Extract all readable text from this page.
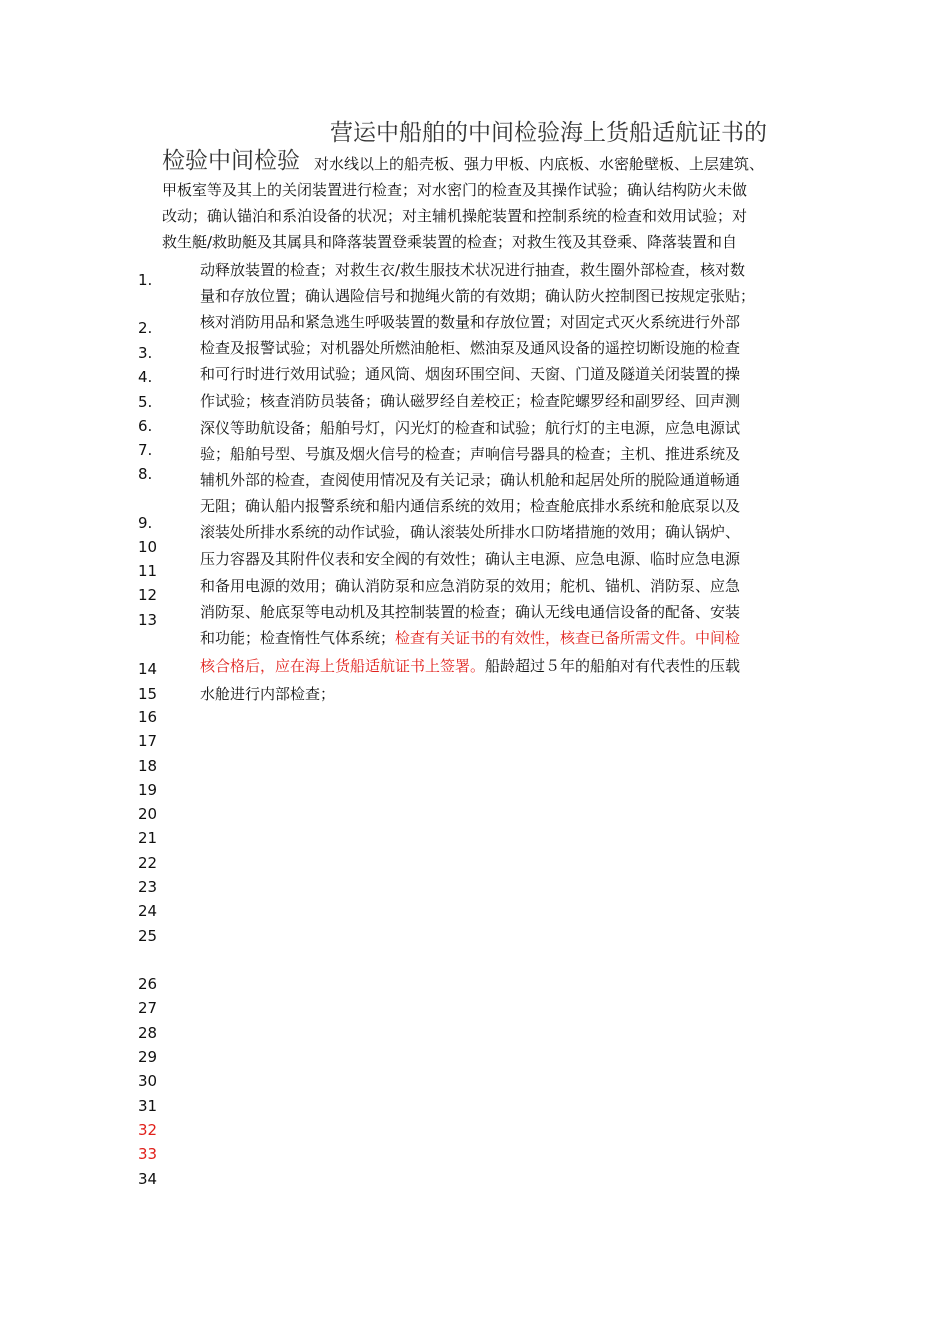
营运中船舶的中间检验海上货船适航证书的
检验中间检验 对水线以上的船壳板、强力甲板、内底板、水密舱壁板、上层建筑、
甲板室等及其上的关闭装置进行检查；对水密门的检查及其操作试验；确认结构防火未做
改动；确认锚泊和系泊设备的状况；对主辅机操舵装置和控制系统的检查和效用试验；对
救生艇/救助艇及其属具和降落装置登乘装置的检查；对救生筏及其登乘、降落装置和自
动释放装置的检查；对救生衣/救生服技术状况进行抽查，救生圈外部检查，核对数
量和存放位置；确认遇险信号和抛绳火箭的有效期；确认防火控制图已按规定张贴；
核对消防用品和紧急逃生呼吸装置的数量和存放位置；对固定式灭火系统进行外部
检查及报警试验；对机器处所燃油舱柜、燃油泵及通风设备的遥控切断设施的检查
和可行时进行效用试验；通风筒、烟囱环围空间、天窗、门道及隧道关闭装置的操
作试验；核查消防员装备；确认磁罗经自差校正；检查陀螺罗经和副罗经、回声测
深仪等助航设备；船舶号灯，闪光灯的检查和试验；航行灯的主电源，应急电源试
验；船舶号型、号旗及烟火信号的检查；声响信号器具的检查；主机、推进系统及
辅机外部的检查，查阅使用情况及有关记录；确认机舱和起居处所的脱险通道畅通
无阻；确认船内报警系统和船内通信系统的效用；检查舱底排水系统和舱底泵以及
滚装处所排水系统的动作试验，确认滚装处所排水口防堵措施的效用；确认锅炉、
压力容器及其附件仪表和安全阀的有效性；确认主电源、应急电源、临时应急电源
和备用电源的效用；确认消防泵和应急消防泵的效用；舵机、锚机、消防泵、应急
消防泵、舱底泵等电动机及其控制装置的检查；确认无线电通信设备的配备、安装
和功能；检查惰性气体系统；检查有关证书的有效性，核查已备所需文件。中间检
核合格后，应在海上货船适航证书上签署。船龄超过５年的船舶对有代表性的压载
水舱进行内部检查；
1.
2.
3.
4.
5.
6.
7.
8.
9.
10
11
12
13
14
15
16
17
18
19
20
21
22
23
24
25
26
27
28
29
30
31
32
33
34
